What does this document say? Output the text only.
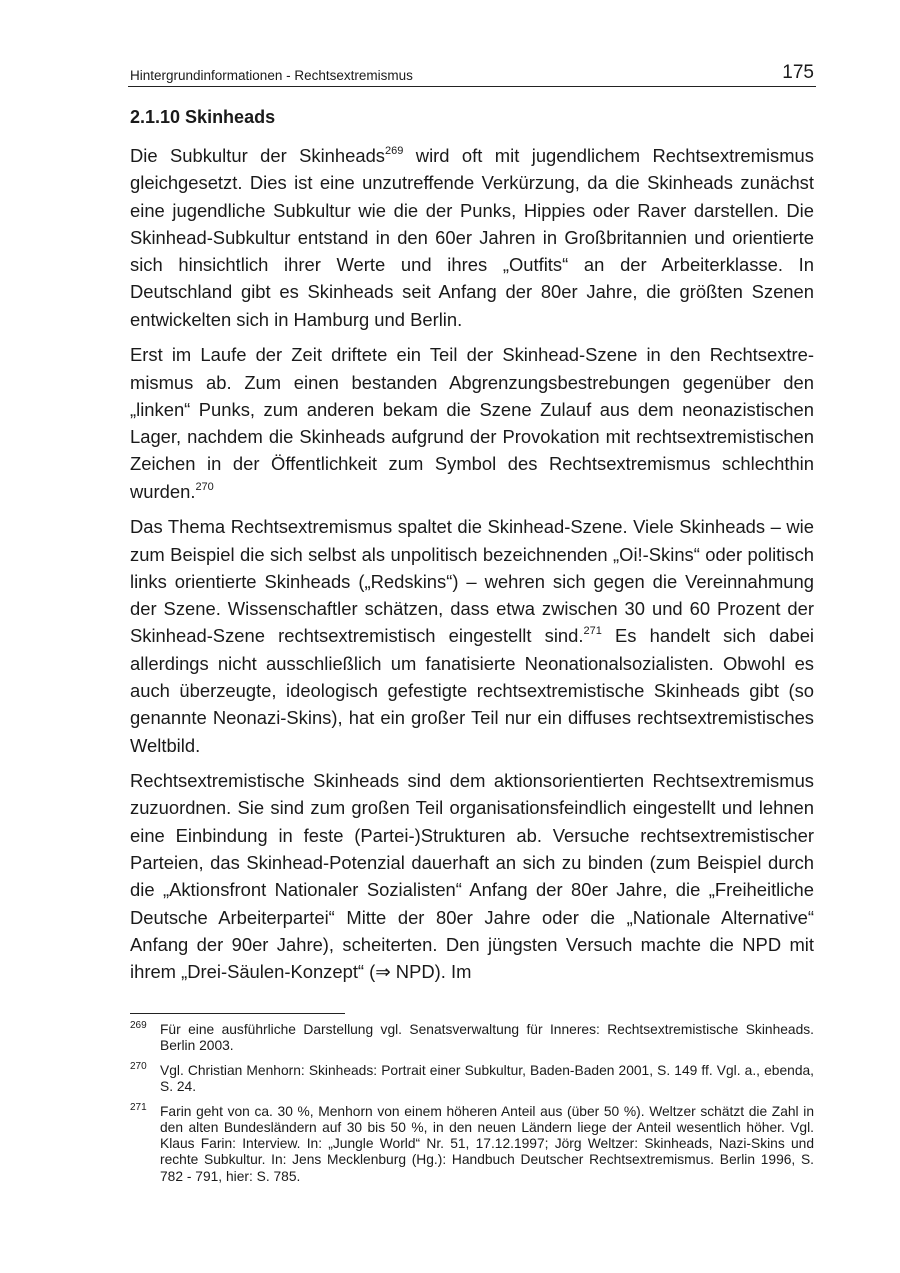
Hintergrundinformationen - Rechtsextremismus	175
2.1.10 Skinheads

Die Subkultur der Skinheads$^{269}$ wird oft mit jugendlichem Rechtsextremismus gleichgesetzt. Dies ist eine unzutreffende Verkürzung, da die Skinheads zunächst eine jugendliche Subkultur wie die der Punks, Hippies oder Raver darstellen. Die Skinhead-Subkultur entstand in den 60er Jahren in Großbritannien und orientierte sich hinsichtlich ihrer Werte und ihres „Outfits“ an der Arbeiterklasse. In Deutschland gibt es Skinheads seit Anfang der 80er Jahre, die größten Szenen entwickelten sich in Hamburg und Berlin.

Erst im Laufe der Zeit driftete ein Teil der Skinhead-Szene in den Rechtsextremismus ab. Zum einen bestanden Abgrenzungsbestrebungen gegenüber den „linken“ Punks, zum anderen bekam die Szene Zulauf aus dem neonazistischen Lager, nachdem die Skinheads aufgrund der Provokation mit rechtsextremistischen Zeichen in der Öffentlichkeit zum Symbol des Rechtsextremismus schlechthin wurden.$^{270}$

Das Thema Rechtsextremismus spaltet die Skinhead-Szene. Viele Skinheads – wie zum Beispiel die sich selbst als unpolitisch bezeichnenden „Oi!-Skins“ oder politisch links orientierte Skinheads („Redskins“) – wehren sich gegen die Vereinnahmung der Szene. Wissenschaftler schätzen, dass etwa zwischen 30 und 60 Prozent der Skinhead-Szene rechtsextremistisch eingestellt sind.$^{271}$ Es handelt sich dabei allerdings nicht ausschließlich um fanatisierte Neonationalsozialisten. Obwohl es auch überzeugte, ideologisch gefestigte rechtsextremistische Skinheads gibt (so genannte Neonazi-Skins), hat ein großer Teil nur ein diffuses rechtsextremistisches Weltbild.

Rechtsextremistische Skinheads sind dem aktionsorientierten Rechtsextremismus zuzuordnen. Sie sind zum großen Teil organisationsfeindlich eingestellt und lehnen eine Einbindung in feste (Partei-)Strukturen ab. Versuche rechtsextremistischer Parteien, das Skinhead-Potenzial dauerhaft an sich zu binden (zum Beispiel durch die „Aktionsfront Nationaler Sozialisten“ Anfang der 80er Jahre, die „Freiheitliche Deutsche Arbeiterpartei“ Mitte der 80er Jahre oder die „Nationale Alternative“ Anfang der 90er Jahre), scheiterten. Den jüngsten Versuch machte die NPD mit ihrem „Drei-Säulen-Konzept“ (⇒ NPD). Im

269 Für eine ausführliche Darstellung vgl. Senatsverwaltung für Inneres: Rechtsextremistische Skinheads. Berlin 2003.
270 Vgl. Christian Menhorn: Skinheads: Portrait einer Subkultur, Baden-Baden 2001, S. 149 ff. Vgl. a., ebenda, S. 24.
271 Farin geht von ca. 30 %, Menhorn von einem höheren Anteil aus (über 50 %). Weltzer schätzt die Zahl in den alten Bundesländern auf 30 bis 50 %, in den neuen Ländern liege der Anteil wesentlich höher. Vgl. Klaus Farin: Interview. In: „Jungle World“ Nr. 51, 17.12.1997; Jörg Weltzer: Skinheads, Nazi-Skins und rechte Subkultur. In: Jens Mecklenburg (Hg.): Handbuch Deutscher Rechtsextremismus. Berlin 1996, S. 782 - 791, hier: S. 785.
